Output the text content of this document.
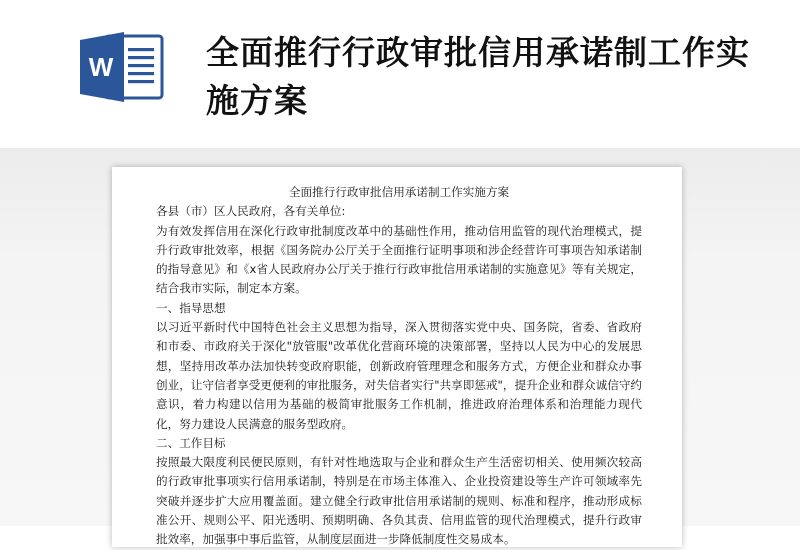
W	全面推行行政审批信用承诺制工作实施方案

全面推行行政审批信用承诺制工作实施方案

各县（市）区人民政府，各有关单位:

为有效发挥信用在深化行政审批制度改革中的基础性作用，推动信用监管的现代治理模式，提升行政审批效率，根据《国务院办公厅关于全面推行证明事项和涉企经营许可事项告知承诺制的指导意见》和《x省人民政府办公厅关于推行行政审批信用承诺制的实施意见》等有关规定，结合我市实际，制定本方案。

一、指导思想

以习近平新时代中国特色社会主义思想为指导，深入贯彻落实党中央、国务院，省委、省政府和市委、市政府关于深化"放管服"改革优化营商环境的决策部署，坚持以人民为中心的发展思想，坚持用改革办法加快转变政府职能，创新政府管理理念和服务方式，方便企业和群众办事创业，让守信者享受更便利的审批服务，对失信者实行"共享即惩戒"，提升企业和群众诚信守约意识，着力构建以信用为基础的极简审批服务工作机制，推进政府治理体系和治理能力现代化，努力建设人民满意的服务型政府。

二、工作目标

按照最大限度利民便民原则，有针对性地选取与企业和群众生产生活密切相关、使用频次较高的行政审批事项实行信用承诺制，特别是在市场主体准入、企业投资建设等生产许可领域率先突破并逐步扩大应用覆盖面。建立健全行政审批信用承诺制的规则、标准和程序，推动形成标准公开、规则公平、阳光透明、预期明确、各负其责、信用监管的现代治理模式，提升行政审批效率，加强事中事后监管，从制度层面进一步降低制度性交易成本。
